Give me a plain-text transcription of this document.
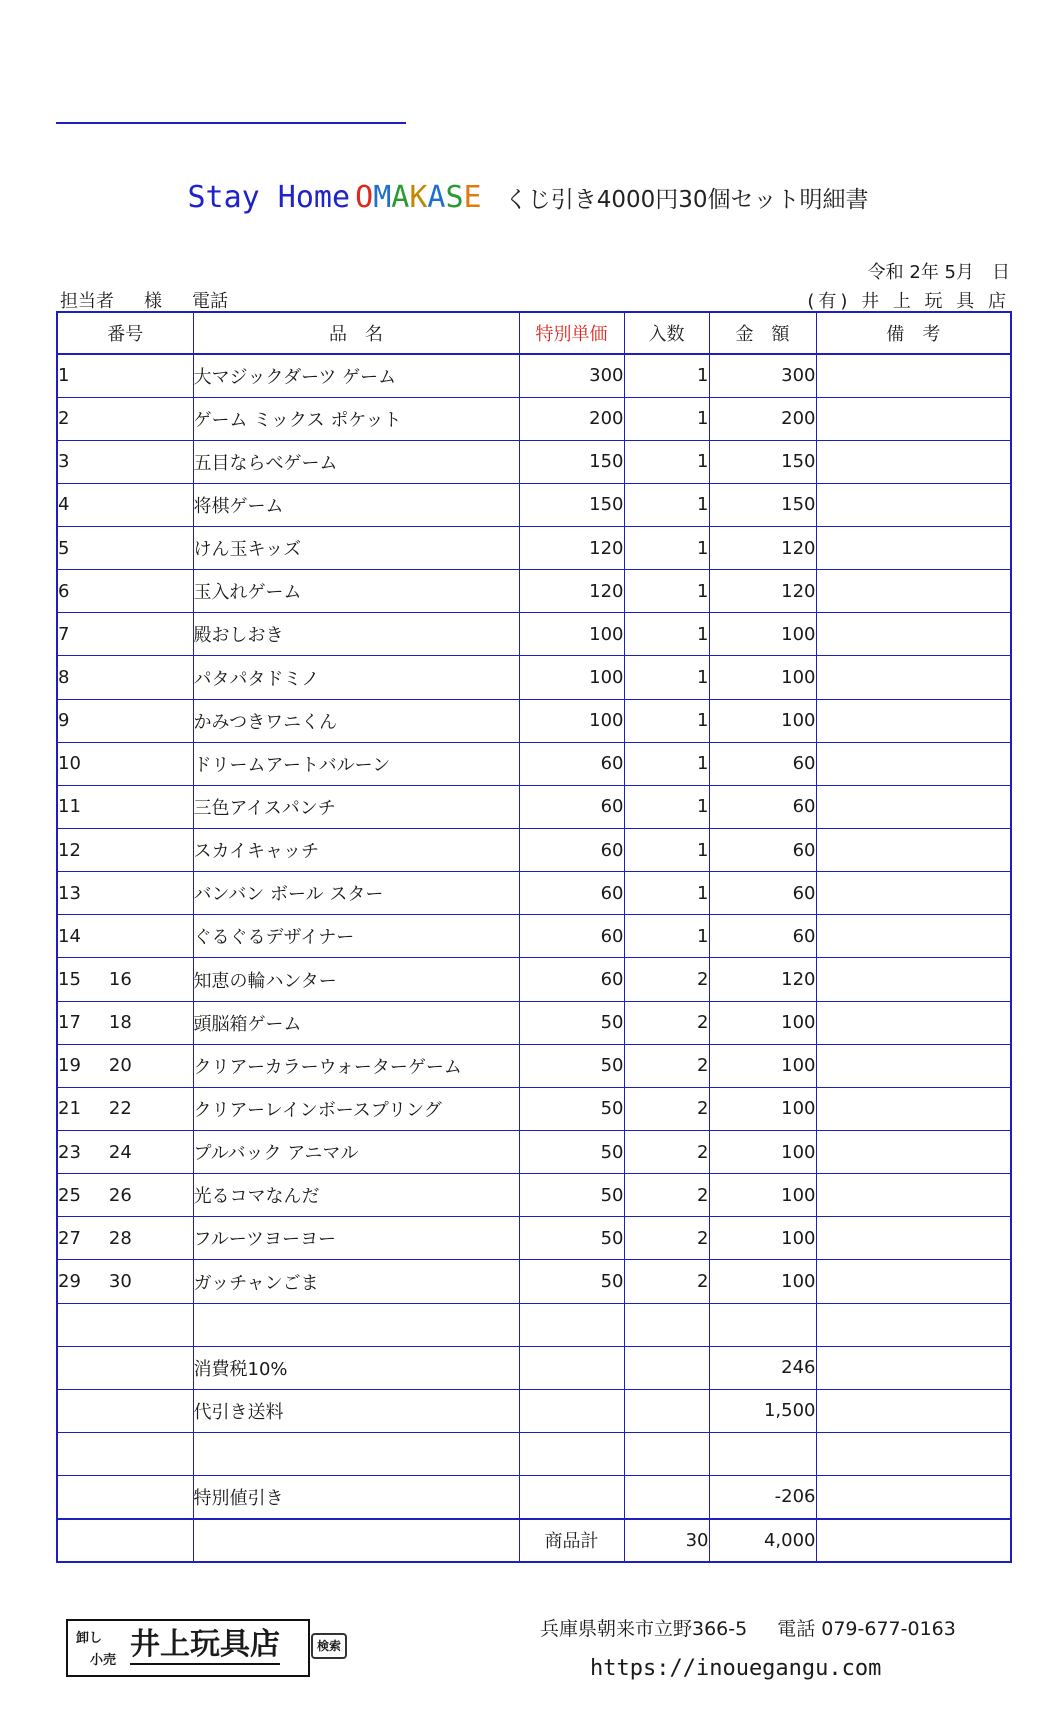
Stay Home OMAKASE くじ引き4000円30個セット明細書
令和 2年 5月　日
担当者 様 電話	(有) 井 上 玩 具 店
番号	品　名	特別単価	入数	金　額	備　考
1	大マジックダーツ ゲーム	300	1	300	
2	ゲーム ミックス ポケット	200	1	200	
3	五目ならべゲーム	150	1	150	
4	将棋ゲーム	150	1	150	
5	けん玉キッズ	120	1	120	
6	玉入れゲーム	120	1	120	
7	殿おしおき	100	1	100	
8	パタパタドミノ	100	1	100	
9	かみつきワニくん	100	1	100	
10	ドリームアートバルーン	60	1	60	
11	三色アイスパンチ	60	1	60	
12	スカイキャッチ	60	1	60	
13	バンバン ボール スター	60	1	60	
14	ぐるぐるデザイナー	60	1	60	
15 16	知恵の輪ハンター	60	2	120	
17 18	頭脳箱ゲーム	50	2	100	
19 20	クリアーカラーウォーターゲーム	50	2	100	
21 22	クリアーレインボースプリング	50	2	100	
23 24	プルバック アニマル	50	2	100	
25 26	光るコマなんだ	50	2	100	
27 28	フルーツヨーヨー	50	2	100	
29 30	ガッチャンごま	50	2	100	

	消費税10%			246	
	代引き送料			1,500	

	特別値引き			-206	
		商品計	30	4,000	
卸し
小売 井上玩具店	検索
兵庫県朝来市立野366-5 電話 079-677-0163
https://inouegangu.com
